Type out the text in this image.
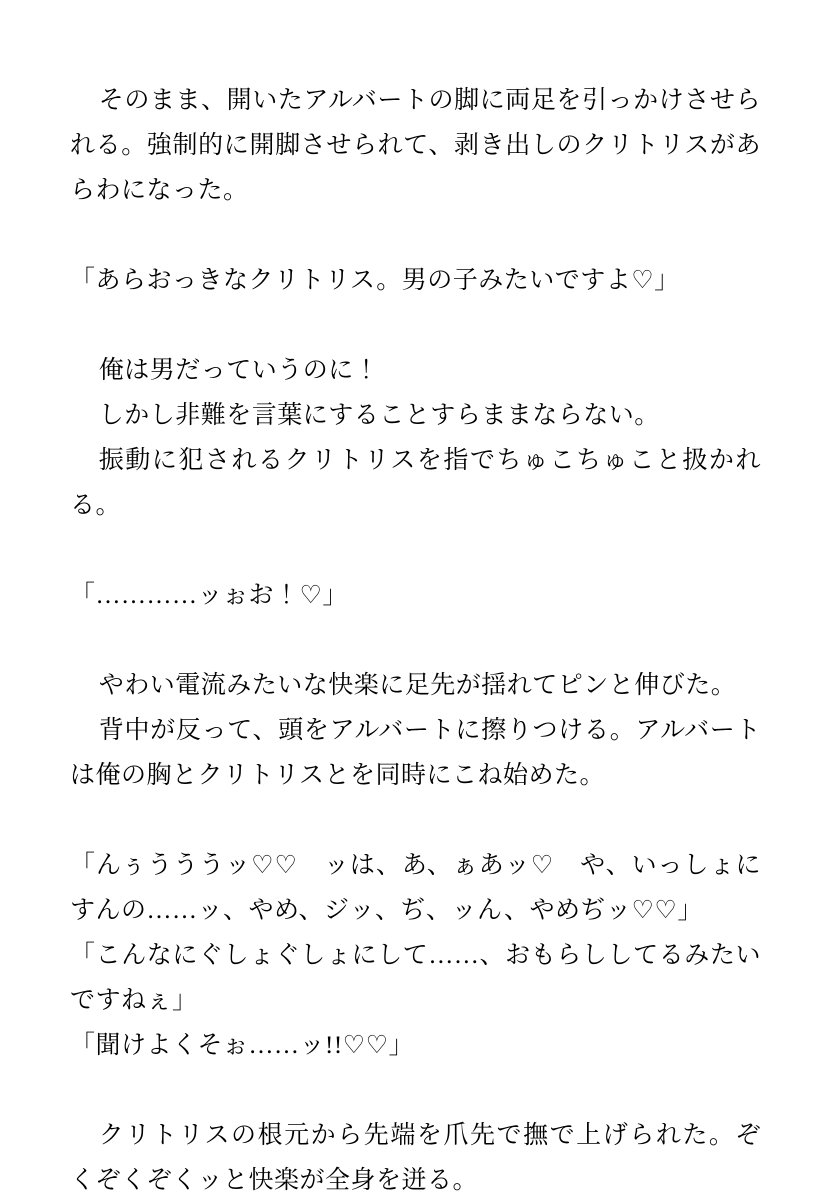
そのまま、開いたアルバートの脚に両足を引っかけさせられる。強制的に開脚させられて、剥き出しのクリトリスがあらわになった。

「あらおっきなクリトリス。男の子みたいですよ♡」

俺は男だっていうのに！

しかし非難を言葉にすることすらままならない。

振動に犯されるクリトリスを指でちゅこちゅこと扱かれる。

「…………ッぉお！♡」

やわい電流みたいな快楽に足先が揺れてピンと伸びた。

背中が反って、頭をアルバートに擦りつける。アルバートは俺の胸とクリトリスとを同時にこね始めた。

「んぅうううッ♡♡　ッは、あ、ぁあッ♡　や、いっしょにすんの……ッ、やめ、ジッ、ぢ、ッん、やめぢッ♡♡」

「こんなにぐしょぐしょにして……、おもらししてるみたいですねぇ」

「聞けよくそぉ……ッ!!♡♡」

クリトリスの根元から先端を爪先で撫で上げられた。ぞくぞくぞくッと快楽が全身を迸る。
